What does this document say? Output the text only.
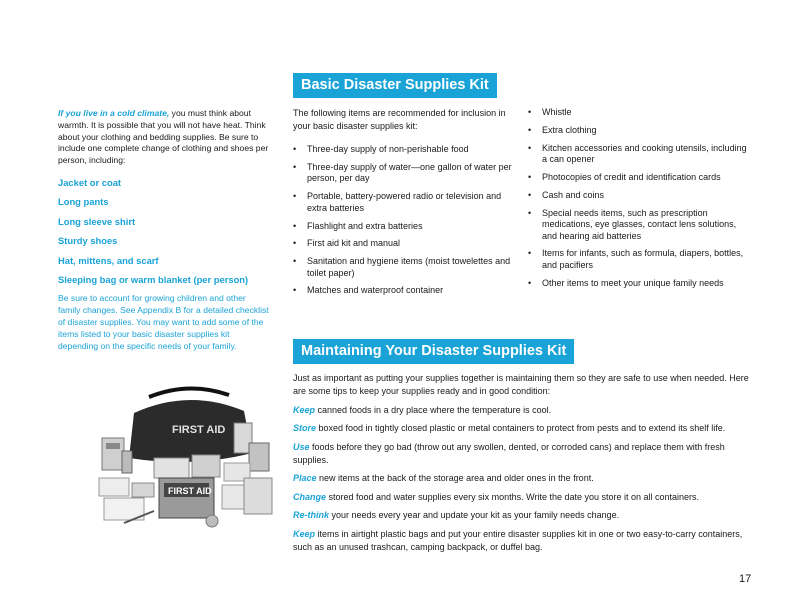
If you live in a cold climate, you must think about warmth. It is possible that you will not have heat. Think about your clothing and bedding supplies. Be sure to include one complete change of clothing and shoes per person, including:

Jacket or coat
Long pants
Long sleeve shirt
Sturdy shoes
Hat, mittens, and scarf
Sleeping bag or warm blanket (per person)

Be sure to account for growing children and other family changes. See Appendix B for a detailed checklist of disaster supplies. You may want to add some of the items listed to your basic disaster supplies kit depending on the specific needs of your family.

Basic Disaster Supplies Kit

The following items are recommended for inclusion in your basic disaster supplies kit:

• Three-day supply of non-perishable food
• Three-day supply of water—one gallon of water per person, per day
• Portable, battery-powered radio or television and extra batteries
• Flashlight and extra batteries
• First aid kit and manual
• Sanitation and hygiene items (moist towelettes and toilet paper)
• Matches and waterproof container
• Whistle
• Extra clothing
• Kitchen accessories and cooking utensils, including a can opener
• Photocopies of credit and identification cards
• Cash and coins
• Special needs items, such as prescription medications, eye glasses, contact lens solutions, and hearing aid batteries
• Items for infants, such as formula, diapers, bottles, and pacifiers
• Other items to meet your unique family needs
Maintaining Your Disaster Supplies Kit

Just as important as putting your supplies together is maintaining them so they are safe to use when needed. Here are some tips to keep your supplies ready and in good condition:

Keep canned foods in a dry place where the temperature is cool.

Store boxed food in tightly closed plastic or metal containers to protect from pests and to extend its shelf life.

Use foods before they go bad (throw out any swollen, dented, or corroded cans) and replace them with fresh supplies.

Place new items at the back of the storage area and older ones in the front.

Change stored food and water supplies every six months. Write the date you store it on all containers.

Re-think your needs every year and update your kit as your family needs change.

Keep items in airtight plastic bags and put your entire disaster supplies kit in one or two easy-to-carry containers, such as an unused trashcan, camping backpack, or duffel bag.

FIRST AID
FIRST AID
17
